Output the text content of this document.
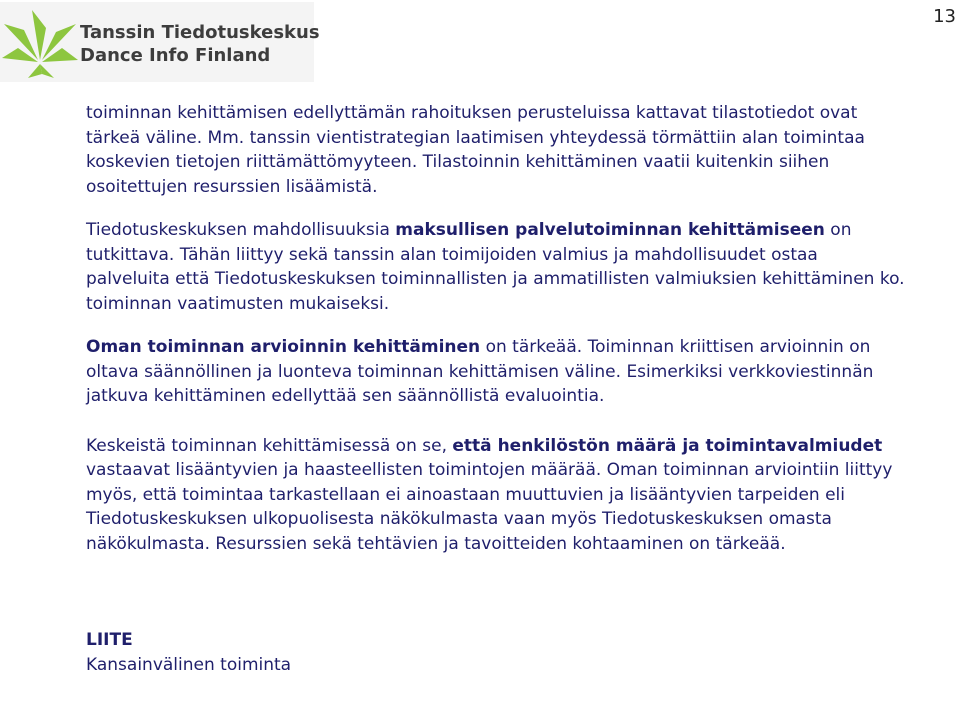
Tanssin Tiedotuskeskus
Dance Info Finland
13

toiminnan kehittämisen edellyttämän rahoituksen perusteluissa kattavat tilastotiedot ovat tärkeä väline. Mm. tanssin vientistrategian laatimisen yhteydessä törmättiin alan toimintaa koskevien tietojen riittämättömyyteen. Tilastoinnin kehittäminen vaatii kuitenkin siihen osoitettujen resurssien lisäämistä.

Tiedotuskeskuksen mahdollisuuksia maksullisen palvelutoiminnan kehittämiseen on tutkittava. Tähän liittyy sekä tanssin alan toimijoiden valmius ja mahdollisuudet ostaa palveluita että Tiedotuskeskuksen toiminnallisten ja ammatillisten valmiuksien kehittäminen ko. toiminnan vaatimusten mukaiseksi.

Oman toiminnan arvioinnin kehittäminen on tärkeää. Toiminnan kriittisen arvioinnin on oltava säännöllinen ja luonteva toiminnan kehittämisen väline. Esimerkiksi verkkoviestinnän jatkuva kehittäminen edellyttää sen säännöllistä evaluointia.

Keskeistä toiminnan kehittämisessä on se, että henkilöstön määrä ja toimintavalmiudet vastaavat lisääntyvien ja haasteellisten toimintojen määrää. Oman toiminnan arviointiin liittyy myös, että toimintaa tarkastellaan ei ainoastaan muuttuvien ja lisääntyvien tarpeiden eli Tiedotuskeskuksen ulkopuolisesta näkökulmasta vaan myös Tiedotuskeskuksen omasta näkökulmasta. Resurssien sekä tehtävien ja tavoitteiden kohtaaminen on tärkeää.

LIITE

Kansainvälinen toiminta
